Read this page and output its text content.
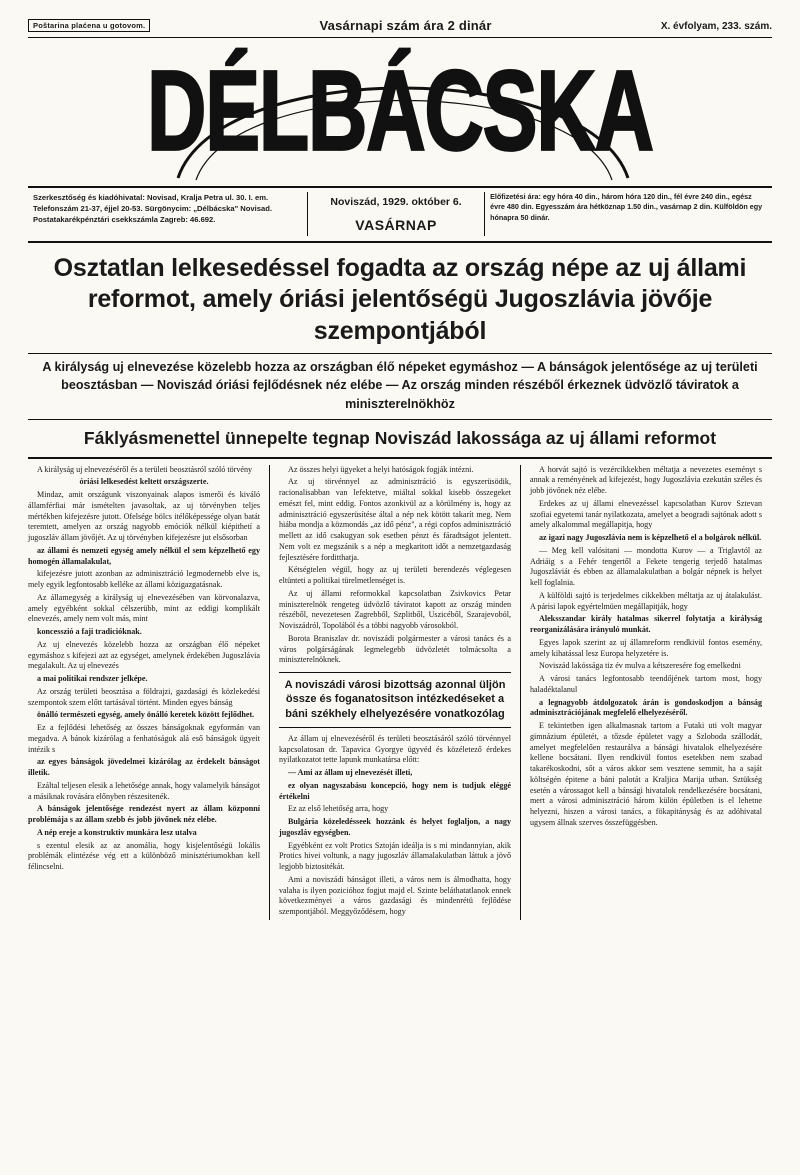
Poštarina plaćena u gotovom.	Vasárnapi szám ára 2 dinár	X. évfolyam, 233. szám.
DÉLBÁCSKA
Szerkesztőség és kiadóhivatal: Novisad, Kralja Petra ul. 30. I. em. Telefonszám 21-37, éjjel 20-53. Sürgönycim: „Délbácska" Novisad. Postatakarékpénztári csekkszámla Zagreb: 46.692.
Noviszád, 1929. október 6.
VASÁRNAP
Előfizetési ára: egy hóra 40 din., három hóra 120 din., fél évre 240 din., egész évre 480 din. Egyesszám ára hétköznap 1.50 din., vasárnap 2 din. Külföldön egy hónapra 50 dinár.
Osztatlan lelkesedéssel fogadta az ország népe az uj állami reformot, amely óriási jelentőségü Jugoszlávia jövője szempontjából
A királyság uj elnevezése közelebb hozza az országban élő népeket egymáshoz — A bánságok jelentősége az uj területi beosztásban — Noviszád óriási fejlődésnek néz elébe — Az ország minden részéből érkeznek üdvözlő táviratok a miniszterelnökhöz
Fáklyásmenettel ünnepelte tegnap Noviszád lakossága az uj állami reformot

A királyság uj elnevezéséről és a területi beosztásról szóló törvény

óriási lelkesedést keltett országszerte.

Mindaz, amit országunk viszonyainak alapos ismerői és kiváló államférfiai már ismételten javasoltak, az uj törvényben teljes mértékben kifejezésre jutott. Ofelsége bölcs itélőképessége olyan batát teremtett, amelyen az ország nagyobb emóciók nélkül kiépithetí a jugoszláv állam jövőjét. Az uj törvényben kifejezésre jut elsősorban

az állami és nemzeti egység amely nélkül el sem képzelhető egy homogén államalakulat,

kifejezésre jutott azonban az adminisztráció legmodernebb elve is, mely egyik legfontosabb kelléke az állami közigazgatásnak.

Az államegység a királyság uj elnevezésében van körvonalazva, amely egyébként sokkal célszerübb, mint az eddigi komplikált elnevezés, amely nem volt más, mint

koncesszió a faji tradicióknak.

Az uj elnevezés közelebb hozza az országban élő népeket egymáshoz s kifejezi azt az egységet, amelynek érdekében Jugoszlávia megalakult. Az uj elnevezés

a mai politikai rendszer jelképe.

Az ország területi beosztása a földrajzi, gazdasági és közlekedési szempontok szem előtt tartásával történt. Minden egyes bánság

önálló természeti egység, amely önálló keretek között fejlődhet.

Ez a fejlődési lehetőség az összes bánságoknak egyformán van megadva. A bánok kizárólag a fenhatóságuk alá eső bánságok ügyeit intézik s

az egyes bánságok jövedelmei kizárólag az érdekelt bánságot illetik.

Ezáltal teljesen elesik a lehetősége annak, hogy valamelyik bánságot a másiknak rovására előnyben részesitenék.

A bánságok jelentősége rendezést nyert az állam közponní problémája s az állam szebb és jobb jövőnek néz elébe.

A nép ereje a konstruktiv munkára lesz utalva

s ezentul elesik az az anomália, hogy kisjelentőségü lokális problémák elintézése vég ett a különböző minisztériumokban kell félincselni.

Az összes helyi ügyeket a helyi hatóságok fogják intézni.

Az uj törvénnyel az adminisztráció is egyszerüsödik, racionalisabban van lefektetve, miáltal sokkal kisebb összegeket emészt fel, mint eddig. Fontos azonkivül az a körülmény is, hogy az adminisztráció egyszerüsítése által a nép nek kötött takarít meg. Nem hiába mondja a közmondás „az idő pénz", a régi copfos adminisztráció mellett az idő csakugyan sok esetben pénzt és fáradtságot jelentett. Nem volt ez megszánik s a nép a megkaritott időt a nemzetgazdaság fejlesztésére forditthatja.

Kétségtelen végül, hogy az uj területi berendezés véglegesen eltünteti a politikai türelmetlenséget is.

Az uj állami reformokkal kapcsolatban Zsivkovics Petar miniszterelnök rengeteg üdvözlő táviratot kapott az ország minden részéből, nevezetesen Zagrebből, Szplitből, Uszicéből, Szarajevoból, Noviszádról, Topolából és a többi nagyobb városokból.

Borota Braniszlav dr. noviszádi polgármester a városi tanács és a város polgárságának legmelegebb üdvözletét tolmácsolta a miniszterelnöknek.

A noviszádi városi bizottság azonnal üljön össze és foganatositson intézkedéseket a báni székhely elhelyezésére vonatkozólag

Az állam uj elnevezéséről és területi beosztásáról szóló törvénnyel kapcsolatosan dr. Tapavica Gyorgye ügyvéd és közéletező érdekes nyilatkozatot tette lapunk munkatársa előtt:

— Ami az állam uj elnevezését illeti,

ez olyan nagyszabásu koncepció, hogy nem is tudjuk eléggé értékelni

Ez az első lehetőség arra, hogy

Bulgária közeledésseek hozzánk és helyet foglaljon, a nagy jugoszláv egységben.

Egyébként ez volt Protics Sztoján ideálja is s mi mindannyian, akik Protics hivei voltunk, a nagy jugoszláv államalakulatban láttuk a jövő legjobb biztositékát.

Ami a noviszádi bánságot illeti, a város nem is álmodhatta, hogy valaha is ilyen pozicióhoz fogjut majd el. Szinte beláthatatlanok ennek következményei a város gazdasági és mindenrétü fejlődése szempontjából. Meggyőződésem, hogy

A horvát sajtó is vezércikkekben méltatja a nevezetes eseményt s annak a reményének ad kifejezést, hogy Jugoszlávia ezekután széles és jobb jövőnek néz elébe.

Erdekes az uj állami elnevezéssel kapcsolatban Kurov Sztevan szofiai egyetemi tanár nyilatkozata, amelyet a beogradi sajtónak adott s amely alkalommal megállapitja, hogy

az igazi nagy Jugoszlávia nem is képzelhető el a bolgárok nélkül.

— Meg kell valósitani — mondotta Kurov — a Triglavtól az Adriáig s a Fehér tengertől a Fekete tengerig terjedő hatalmas Jugoszláviát és ebben az államalakulatban a bolgár népnek is helyet kell foglalnia.

A külföldi sajtó is terjedelmes cikkekben méltatja az uj átalakulást. A párisi lapok egyértelmüen megállapitják, hogy

Aleksszandar király hatalmas sikerrel folytatja a királyság reorganizálására irányuló munkát.

Egyes lapok szerint az uj államreform rendkivül fontos esemény, amely kihatással lesz Europa helyzetére is.

Noviszád lakóssága tiz év mulva a kétszeresére fog emelkedni

A városi tanács legfontosabb teendőjének tartom most, hogy haladéktalanul

a legnagyobb átdolgozatok árán is gondoskodjon a bánság adminisztrációjának megfelelő elhelyezéséről.

E tekintetben igen alkalmasnak tartom a Futaki uti volt magyar gimnázium épületét, a tőzsde épületet vagy a Szloboda szállodát, amelyet megfelelően restaurálva a bánsági hivatalok elhelyezésére kellene bocsátani. Ilyen rendkivül fontos esetekben nem szabad takarékoskodni, sőt a város akkor sem vesztene semmit, ha a saját költségén épitene a báni palotát a Kraljica Marija utban. Sztükség esetén a várossagot kell a bánsági hivatalok rendelkezésére bocsátani, mert a városi adminisztráció három külön épületben is el lehetne helyezni, hiszen a városi tanács, a fökapitányság és az adóhivatal ugysem állnak szerves összefüggésben.
